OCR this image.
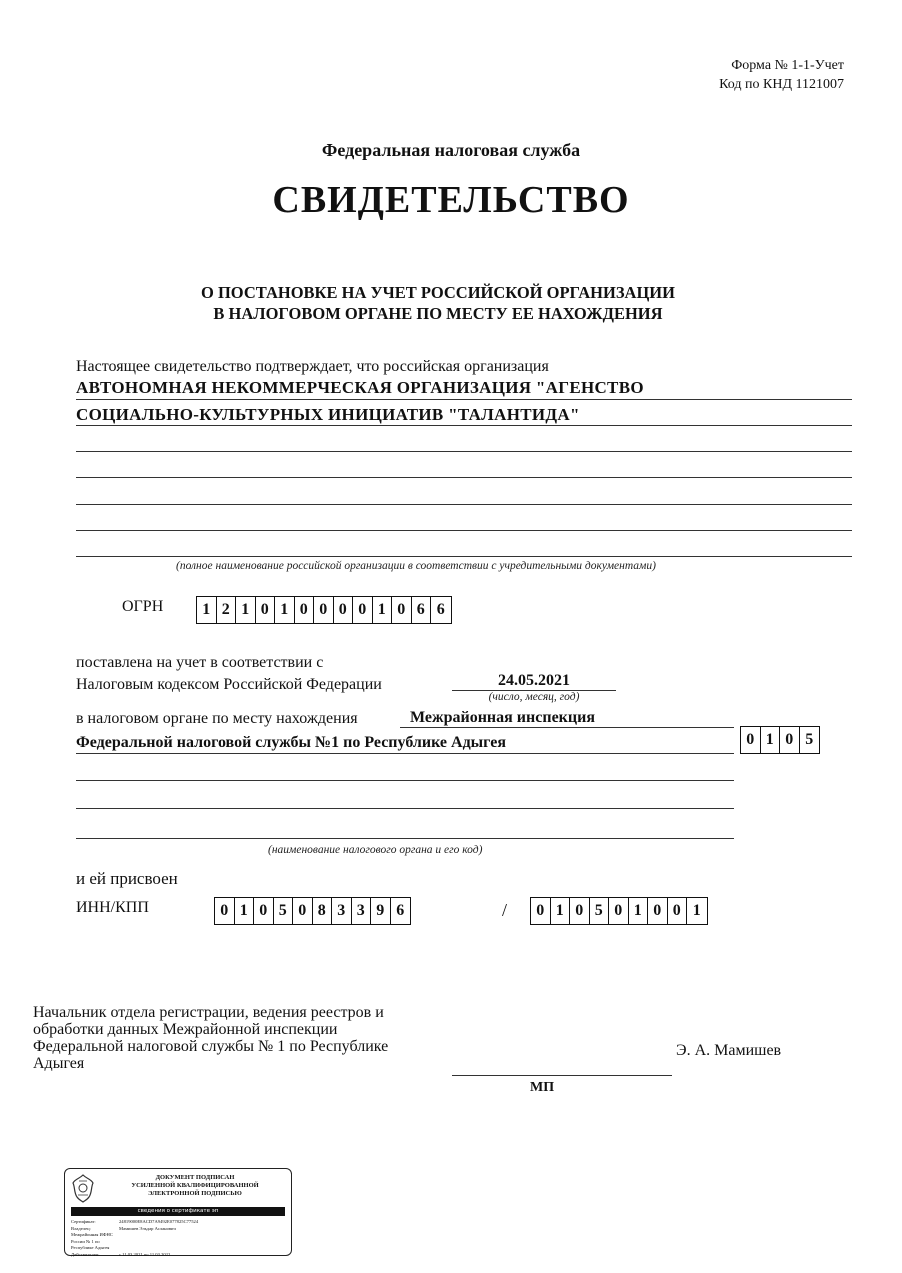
Форма № 1-1-Учет
Код по КНД 1121007
Федеральная налоговая служба
СВИДЕТЕЛЬСТВО
О ПОСТАНОВКЕ НА УЧЕТ РОССИЙСКОЙ ОРГАНИЗАЦИИ
В НАЛОГОВОМ ОРГАНЕ ПО МЕСТУ ЕЕ НАХОЖДЕНИЯ
Настоящее свидетельство подтверждает, что российская организация
АВТОНОМНАЯ НЕКОММЕРЧЕСКАЯ ОРГАНИЗАЦИЯ "АГЕНСТВО
СОЦИАЛЬНО-КУЛЬТУРНЫХ ИНИЦИАТИВ "ТАЛАНТИДА"
(полное наименование российской организации в соответствии с учредительными документами)
ОГРН	1 2 1 0 1 0 0 0 0 1 0 6 6
поставлена на учет в соответствии с
Налоговым кодексом Российской Федерации	24.05.2021
(число, месяц, год)
в налоговом органе по месту нахождения	Межрайонная инспекция
Федеральной налоговой службы №1 по Республике Адыгея	0 1 0 5
(наименование налогового органа и его код)
и ей присвоен
ИНН/КПП	0 1 0 5 0 8 3 3 9 6	/	0 1 0 5 0 1 0 0 1
Начальник отдела регистрации, ведения реестров и
обработки данных Межрайонной инспекции
Федеральной налоговой службы № 1 по Республике
Адыгея
Э. А. Мамишев
МП
ДОКУМЕНТ ПОДПИСАН
УСИЛЕННОЙ КВАЛИФИЦИРОВАННОЙ
ЭЛЕКТРОННОЙ ПОДПИСЬЮ
сведения о сертификате эп
Сертификат:	24819000E8ACD7A9492E077825C77524
Владелец:	Мамишев Эльдар Асланович
Межрайонная ИФНС России № 1 по Республике Адыгея
Действителен:	с 11.03.2021 по 11.03.2022
